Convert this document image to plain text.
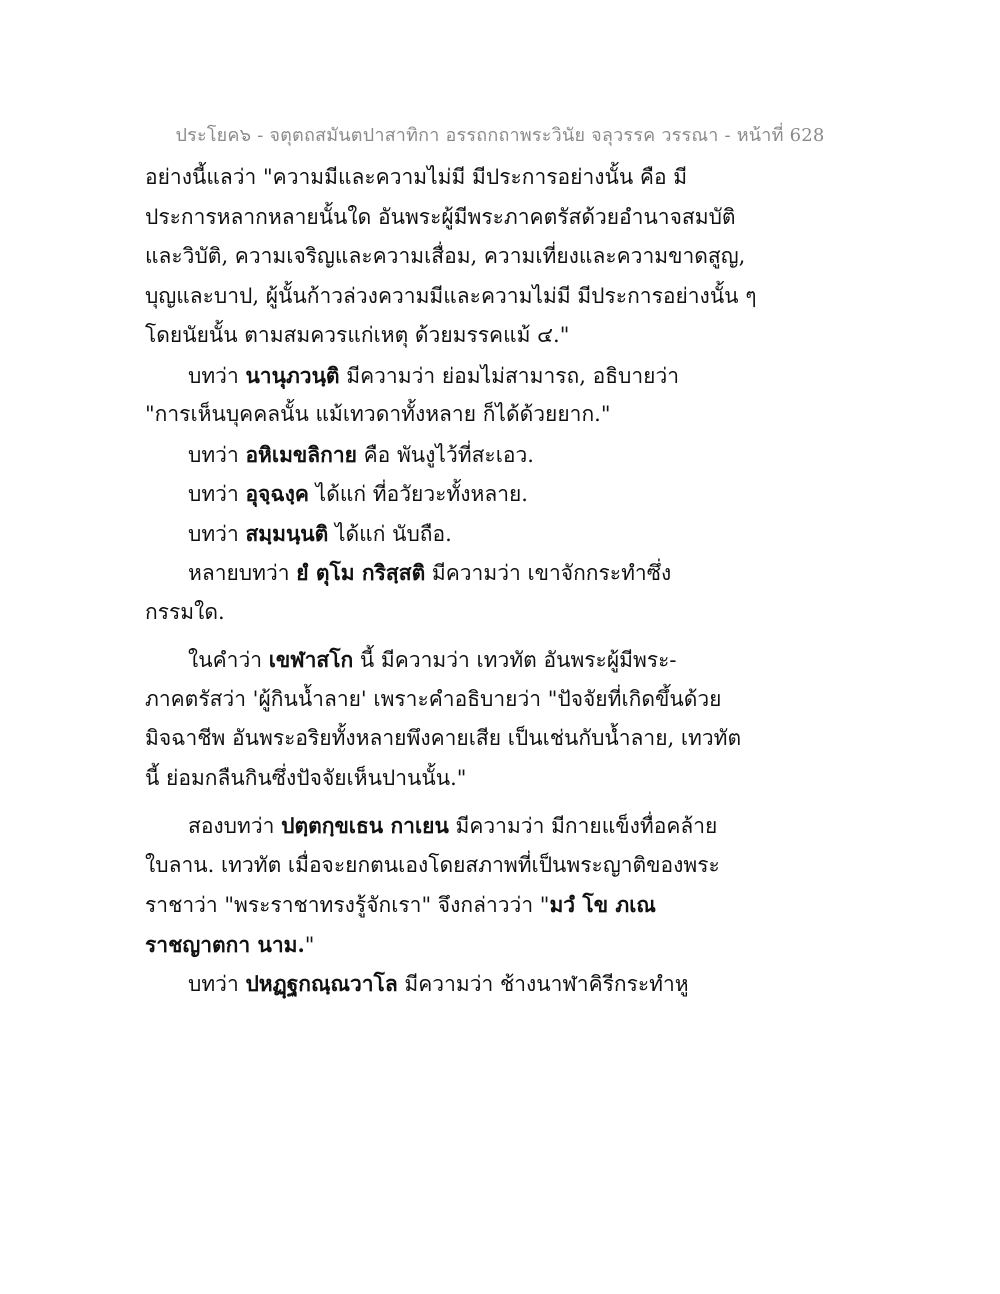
ประโยค๖ - จตุตถสมันตปาสาทิกา อรรถกถาพระวินัย จลุวรรค วรรณา - หน้าที่ 628
อย่างนี้แลว่า "ความมีและความไม่มี มีประการอย่างนั้น คือ มี
ประการหลากหลายนั้นใด อันพระผู้มีพระภาคตรัสด้วยอำนาจสมบัติ
และวิบัติ, ความเจริญและความเสื่อม, ความเที่ยงและความขาดสูญ,
บุญและบาป, ผู้นั้นก้าวล่วงความมีและความไม่มี มีประการอย่างนั้น ๆ
โดยนัยนั้น ตามสมควรแก่เหตุ ด้วยมรรคแม้ ๔."
บทว่า นานุภวนฺติ มีความว่า ย่อมไม่สามารถ, อธิบายว่า
"การเห็นบุคคลนั้น แม้เทวดาทั้งหลาย ก็ได้ด้วยยาก."
บทว่า อหิเมขลิกาย คือ พันงูไว้ที่สะเอว.
บทว่า อุจฺฉงฺค ได้แก่ ที่อวัยวะทั้งหลาย.
บทว่า สมฺมนฺนติ ได้แก่ นับถือ.
หลายบทว่า ยํ ตุโม กริสฺสติ มีความว่า เขาจักกระทำซึ่ง
กรรมใด.
ในคำว่า เขฬาสโก นี้ มีความว่า เทวทัต อันพระผู้มีพระ-
ภาคตรัสว่า 'ผู้กินน้ำลาย' เพราะคำอธิบายว่า "ปัจจัยที่เกิดขึ้นด้วย
มิจฉาชีพ อันพระอริยทั้งหลายพึงคายเสีย เป็นเช่นกับน้ำลาย, เทวทัต
นี้ ย่อมกลืนกินซึ่งปัจจัยเห็นปานนั้น."
สองบทว่า ปตฺตกฺขเธน กาเยน มีความว่า มีกายแข็งทื่อคล้าย
ใบลาน. เทวทัต เมื่อจะยกตนเองโดยสภาพที่เป็นพระญาติของพระ
ราชาว่า "พระราชาทรงรู้จักเรา" จึงกล่าวว่า "มวํ โข ภเณ
ราชญาตกา นาม."
บทว่า ปหฏฺฐกณฺณวาโล มีความว่า ช้างนาฬาคิรีกระทำหู
